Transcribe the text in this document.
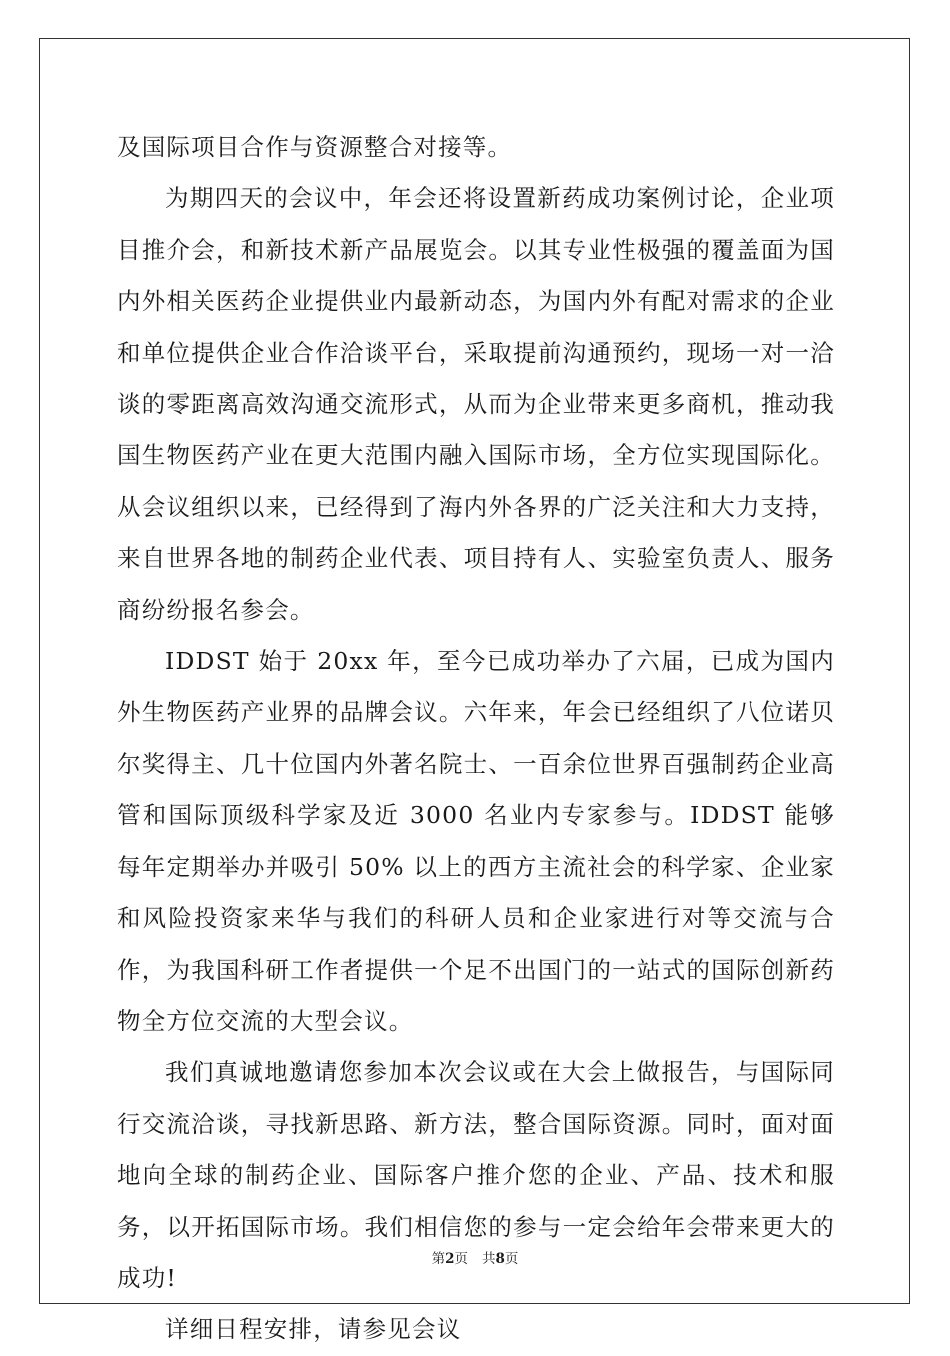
及国际项目合作与资源整合对接等。

为期四天的会议中，年会还将设置新药成功案例讨论，企业项目推介会，和新技术新产品展览会。以其专业性极强的覆盖面为国内外相关医药企业提供业内最新动态，为国内外有配对需求的企业和单位提供企业合作洽谈平台，采取提前沟通预约，现场一对一洽谈的零距离高效沟通交流形式，从而为企业带来更多商机，推动我国生物医药产业在更大范围内融入国际市场，全方位实现国际化。从会议组织以来，已经得到了海内外各界的广泛关注和大力支持，来自世界各地的制药企业代表、项目持有人、实验室负责人、服务商纷纷报名参会。

IDDST 始于 20xx 年，至今已成功举办了六届，已成为国内外生物医药产业界的品牌会议。六年来，年会已经组织了八位诺贝尔奖得主、几十位国内外著名院士、一百余位世界百强制药企业高管和国际顶级科学家及近 3000 名业内专家参与。IDDST 能够每年定期举办并吸引 50% 以上的西方主流社会的科学家、企业家和风险投资家来华与我们的科研人员和企业家进行对等交流与合作，为我国科研工作者提供一个足不出国门的一站式的国际创新药物全方位交流的大型会议。

我们真诚地邀请您参加本次会议或在大会上做报告，与国际同行交流洽谈，寻找新思路、新方法，整合国际资源。同时，面对面地向全球的制药企业、国际客户推介您的企业、产品、技术和服务，以开拓国际市场。我们相信您的参与一定会给年会带来更大的成功!

详细日程安排，请参见会议

第2页 共8页
